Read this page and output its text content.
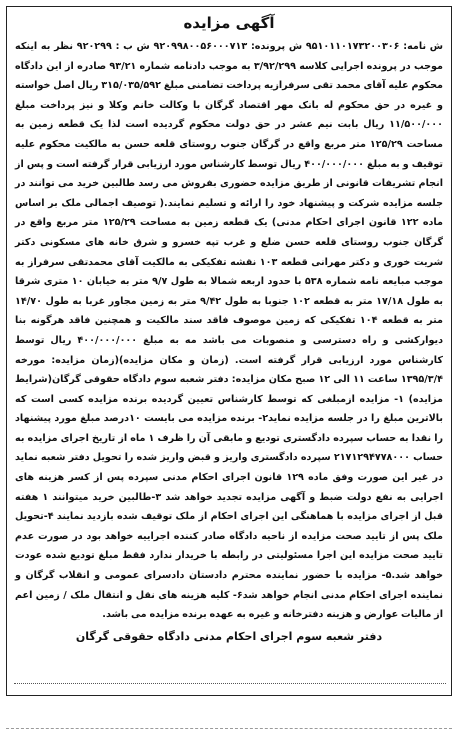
آگهی مزایده

ش نامه: ۹۵۱۰۱۱۰۱۷۳۲۰۰۳۰۶ ش پرونده: ۹۲۰۹۹۸۰۰۵۶۰۰۰۷۱۳ ش ب : ۹۲۰۲۹۹ نظر به اینکه موجب در پرونده اجرایی کلاسه ۳/۹۲/۲۹۹ به موجب دادنامه شماره ۹۳/۲۱ صادره از این دادگاه محکوم علیه آقای محمد تقی سرفرازیه پرداخت تضامنی مبلغ ۳۱۵/۰۳۵/۵۹۲ ریال اصل خواسته و غیره در حق محکوم له بانک مهر اقتصاد گرگان با وکالت خانم وکلا و نیز پرداخت مبلغ ۱۱/۵۰۰/۰۰۰ ریال بابت نیم عشر در حق دولت محکوم گردیده است لذا یک قطعه زمین به مساحت ۱۲۵/۲۹ متر مربع واقع در گرگان جنوب روستای قلعه حسن به مالکیت محکوم علیه توقیف و به مبلغ ۴۰۰/۰۰۰/۰۰۰ ریال توسط کارشناس مورد ارزیابی قرار گرفته است و پس از انجام تشریفات قانونی از طریق مزایده حضوری بفروش می رسد طالبین خرید می توانند در جلسه مزایده شرکت و پیشنهاد خود را ارائه و تسلیم نمایند.( توصیف اجمالی ملک بر اساس ماده ۱۲۲ قانون اجرای احکام مدنی) یک قطعه زمین به مساحت ۱۲۵/۲۹ متر مربع واقع در گرگان جنوب روستای قلعه حسن ضلع و غرب تپه خسرو و شرق خانه های مسکونی دکتر شریت خوری و دکتر مهرانی قطعه ۱۰۳ نقشه تفکیکی به مالکیت آقای محمدتقی سرفراز به موجب مبایعه نامه شماره ۵۳۸ با حدود اربعه شمالا به طول ۹/۷ متر به خیابان ۱۰ متری شرقا به طول ۱۷/۱۸ متر به قطعه ۱۰۲ جنوبا به طول ۹/۴۲ متر به زمین مجاور غربا به طول ۱۴/۷۰ متر به قطعه ۱۰۴ تفکیکی که زمین موصوف فاقد سند مالکیت و همچنین فاقد هرگونه بنا دیوارکشی و راه دسترسی و منصوبات می باشد مه به مبلغ ۴۰۰/۰۰۰/۰۰۰ ریال توسط کارشناس مورد ارزیابی قرار گرفته است. (زمان و مکان مزایده)(زمان مزایده: مورخه ۱۳۹۵/۳/۴ ساعت ۱۱ الی ۱۲ صبح مکان مزایده: دفتر شعبه سوم دادگاه حقوقی گرگان(شرایط مزایده) ۱- مزایده ازمبلغی که توسط کارشناس تعیین گردیده برنده مزایده کسی است که بالاترین مبلغ را در جلسه مزایده نماید۲- برنده مزایده می بایست ۱۰درصد مبلغ مورد پیشنهاد را نقدا به حساب سپرده دادگستری تودیع و مابقی آن را ظرف ۱ ماه از تاریخ اجرای مزایده به حساب ۲۱۷۱۲۹۴۷۷۸۰۰۰ سپرده دادگستری واریز و قبض واریز شده را تحویل دفتر شعبه نماید در غیر این صورت وفق ماده ۱۲۹ قانون اجرای احکام مدنی سپرده پس از کسر هزینه های اجرایی به نفع دولت ضبط و آگهی مزایده تجدید خواهد شد ۳-طالبین خرید میتوانند ۱ هفته قبل از اجرای مزایده با هماهنگی این اجرای احکام از ملک توقیف شده بازدید نمایند ۴-تحویل ملک پس از تایید صحت مزایده از ناحیه دادگاه صادر کننده اجراییه خواهد بود در صورت عدم تایید صحت مزایده این اجرا مسئولیتی در رابطه با خریدار ندارد فقط مبلغ تودیع شده عودت خواهد شد.۵- مزایده با حضور نماینده محترم دادستان دادسرای عمومی و انقلاب گرگان و نماینده اجرای احکام مدنی انجام خواهد شد۶- کلیه هزینه های نقل و انتقال ملک / زمین اعم از مالیات عوارض و هزینه دفترخانه و غیره به عهده برنده مزایده می باشد.

دفتر شعبه سوم اجرای احکام مدنی دادگاه حقوقی گرگان
